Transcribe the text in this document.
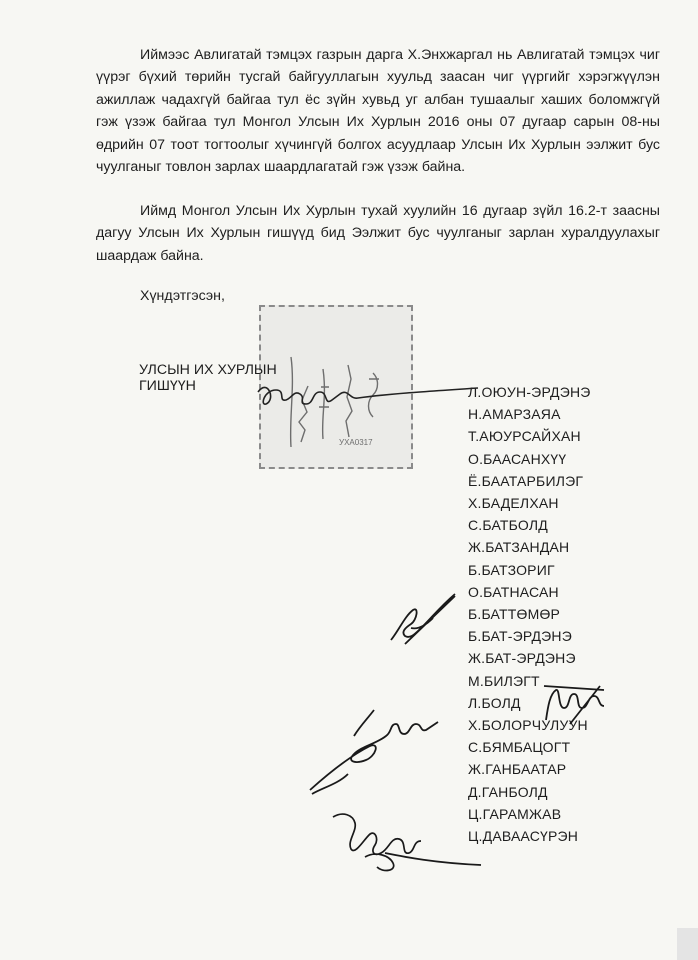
Иймээс Авлигатай тэмцэх газрын дарга Х.Энхжаргал нь Авлигатай тэмцэх чиг үүрэг бүхий төрийн тусгай байгууллагын хуульд заасан чиг үүргийг хэрэгжүүлэн ажиллаж чадахгүй байгаа тул ёс зүйн хувьд уг албан тушаалыг хаших боломжгүй гэж үзэж байгаа тул Монгол Улсын Их Хурлын 2016 оны 07 дугаар сарын 08-ны өдрийн 07 тоот тогтоолыг хүчингүй болгох асуудлаар Улсын Их Хурлын ээлжит бус чуулганыг товлон зарлах шаардлагатай гэж үзэж байна.

Иймд Монгол Улсын Их Хурлын тухай хуулийн 16 дугаар зүйл 16.2-т заасны дагуу Улсын Их Хурлын гишүүд бид Ээлжит бус чуулганыг зарлан хуралдуулахыг шаардаж байна.

Хүндэтгэсэн,
УХА0317
УЛСЫН ИХ ХУРЛЫН
ГИШҮҮН	Л.ОЮУН-ЭРДЭНЭ
Н.АМАРЗАЯА
Т.АЮУРСАЙХАН
О.БААСАНХҮҮ
Ё.БААТАРБИЛЭГ
Х.БАДЕЛХАН
С.БАТБОЛД
Ж.БАТЗАНДАН
Б.БАТЗОРИГ
О.БАТНАСАН
Б.БАТТӨМӨР
Б.БАТ-ЭРДЭНЭ
Ж.БАТ-ЭРДЭНЭ
М.БИЛЭГТ
Л.БОЛД
Х.БОЛОРЧУЛУУН
С.БЯМБАЦОГТ
Ж.ГАНБААТАР
Д.ГАНБОЛД
Ц.ГАРАМЖАВ
Ц.ДАВААСҮРЭН
